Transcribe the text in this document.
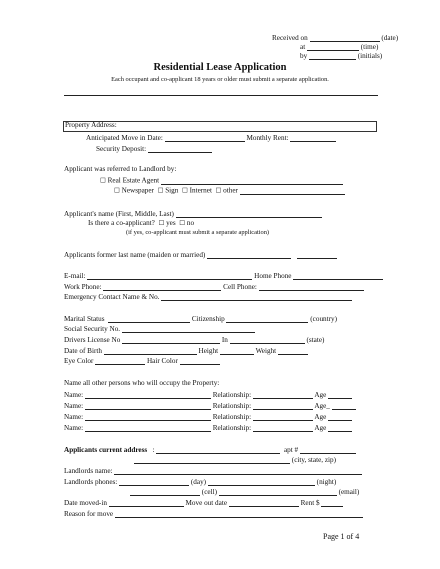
Received on	(date)
at	(time)
by	(initials)
Residential Lease Application
Each occupant and co-applicant 18 years or older must submit a separate application.
Property Address:
Anticipated Move in Date:	Monthly Rent:
Security Deposit:
Applicant was referred to Landlord by:
☐ Real Estate Agent
☐ Newspaper ☐ Sign ☐ Internet ☐ other
Applicant's name (First, Middle, Last)
Is there a co-applicant? ☐ yes ☐ no
(if yes, co-applicant must submit a separate application)
Applicants former last name (maiden or married)
E-mail:	Home Phone
Work Phone:	Cell Phone:
Emergency Contact Name & No.
Marital Status	Citizenship	(country)
Social Security No.
Drivers License No	In	(state)
Date of Birth	Height	Weight
Eye Color	Hair Color
Name all other persons who will occupy the Property:
Name:	Relationship:	Age
Name:	Relationship:	Age_
Name:	Relationship:	Age
Name:	Relationship:	Age
Applicants current address :	apt #
(city, state, zip)
Landlords name:
Landlords phones:	(day)	(night)
(cell)	(email)
Date moved-in	Move out date	Rent $
Reason for move
Page 1 of 4
